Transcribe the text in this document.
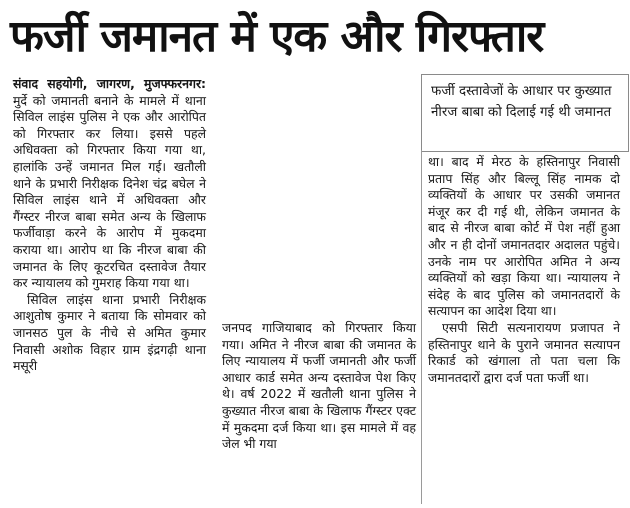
फर्जी जमानत में एक और गिरफ्तार

संवाद सहयोगी, जागरण, मुजफ्फरनगर: मुर्दे को जमानती बनाने के मामले में थाना सिविल लाइंस पुलिस ने एक और आरोपित को गिरफ्तार कर लिया। इससे पहले अधिवक्ता को गिरफ्तार किया गया था, हालांकि उन्हें जमानत मिल गई। खतौली थाने के प्रभारी निरीक्षक दिनेश चंद्र बघेल ने सिविल लाइंस थाने में अधिवक्ता और गैंग्स्टर नीरज बाबा समेत अन्य के खिलाफ फर्जीवाड़ा करने के आरोप में मुकदमा कराया था। आरोप था कि नीरज बाबा की जमानत के लिए कूटरचित दस्तावेज तैयार कर न्यायालय को गुमराह किया गया था।

सिविल लाइंस थाना प्रभारी निरीक्षक आशुतोष कुमार ने बताया कि सोमवार को जानसठ पुल के नीचे से अमित कुमार निवासी अशोक विहार ग्राम इंद्रगढ़ी थाना मसूरी

फर्जी दस्तावेजों के आधार पर कुख्यात नीरज बाबा को दिलाई गई थी जमानत

जनपद गाजियाबाद को गिरफ्तार किया गया। अमित ने नीरज बाबा की जमानत के लिए न्यायालय में फर्जी जमानती और फर्जी आधार कार्ड समेत अन्य दस्तावेज पेश किए थे। वर्ष 2022 में खतौली थाना पुलिस ने कुख्यात नीरज बाबा के खिलाफ गैंग्स्टर एक्ट में मुकदमा दर्ज किया था। इस मामले में वह जेल भी गया

था। बाद में मेरठ के हस्तिनापुर निवासी प्रताप सिंह और बिल्लू सिंह नामक दो व्यक्तियों के आधार पर उसकी जमानत मंजूर कर दी गई थी, लेकिन जमानत के बाद से नीरज बाबा कोर्ट में पेश नहीं हुआ और न ही दोनों जमानतदार अदालत पहुंचे। उनके नाम पर आरोपित अमित ने अन्य व्यक्तियों को खड़ा किया था। न्यायालय ने संदेह के बाद पुलिस को जमानतदारों के सत्यापन का आदेश दिया था।

एसपी सिटी सत्यनारायण प्रजापत ने हस्तिनापुर थाने के पुराने जमानत सत्यापन रिकार्ड को खंगाला तो पता चला कि जमानतदारों द्वारा दर्ज पता फर्जी था।
